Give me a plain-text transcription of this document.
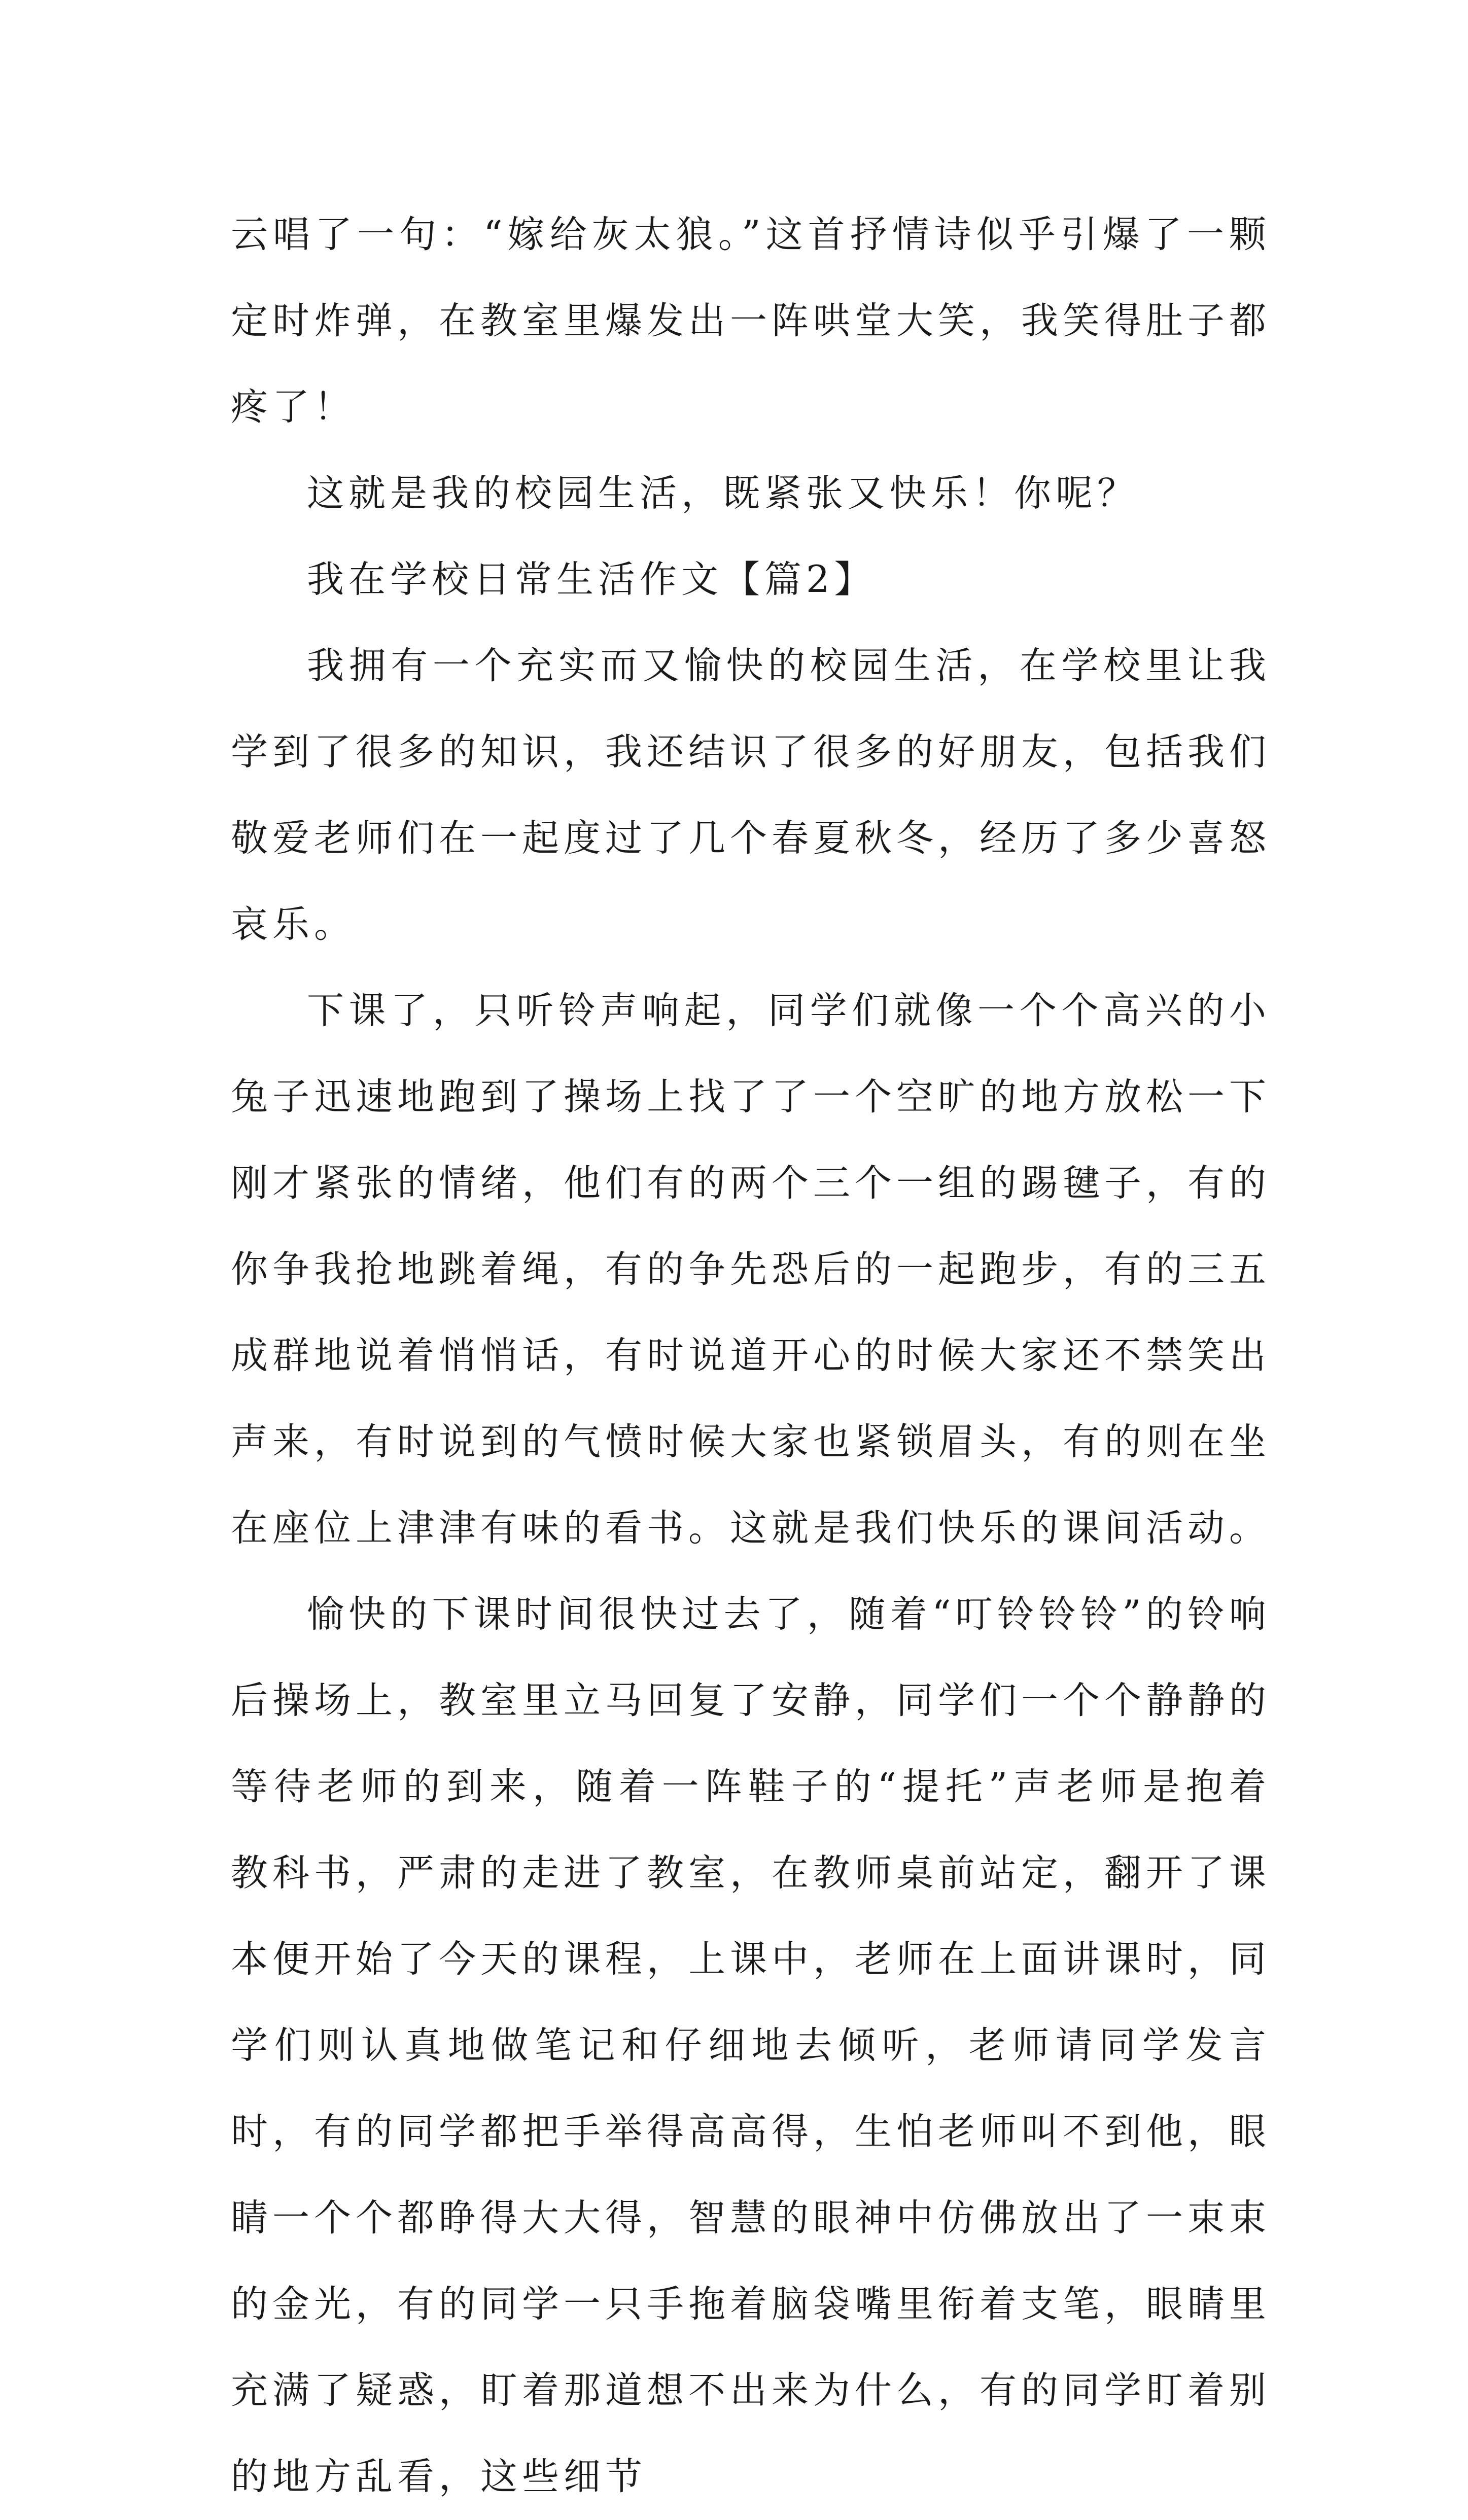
云唱了一句：“嫁给灰太狼。”这首抒情诗似乎引爆了一颗定时炸弹，在教室里爆发出一阵哄堂大笑，我笑得肚子都疼了！

这就是我的校园生活，既紧张又快乐！你呢？

我在学校日常生活作文【篇2】

我拥有一个充实而又愉快的校园生活，在学校里让我学到了很多的知识，我还结识了很多的好朋友，包括我们敬爱老师们在一起度过了几个春夏秋冬，经历了多少喜怒哀乐。

下课了，只听铃声响起，同学们就像一个个高兴的小兔子迅速地跑到了操场上找了了一个空旷的地方放松一下刚才紧张的情绪，他们有的两个三个一组的踢毽子，有的你争我抢地跳着绳，有的争先恐后的一起跑步，有的三五成群地说着悄悄话，有时说道开心的时候大家还不禁笑出声来，有时说到的气愤时候大家也紧锁眉头，有的则在坐在座位上津津有味的看书。这就是我们快乐的课间活动。

愉快的下课时间很快过去了，随着“叮铃铃铃”的铃响后操场上，教室里立马回复了安静，同学们一个个静静的等待老师的到来，随着一阵鞋子的“提托”声老师是抱着教科书，严肃的走进了教室，在教师桌前站定，翻开了课本便开始了今天的课程，上课中，老师在上面讲课时，同学们则认真地做笔记和仔细地去倾听，老师请同学发言时，有的同学都把手举得高高得，生怕老师叫不到他，眼睛一个个都睁得大大得，智慧的眼神中仿佛放出了一束束的金光，有的同学一只手拖着脑袋嘴里衔着支笔，眼睛里充满了疑惑，盯着那道想不出来为什么，有的同学盯着别的地方乱看，这些细节
